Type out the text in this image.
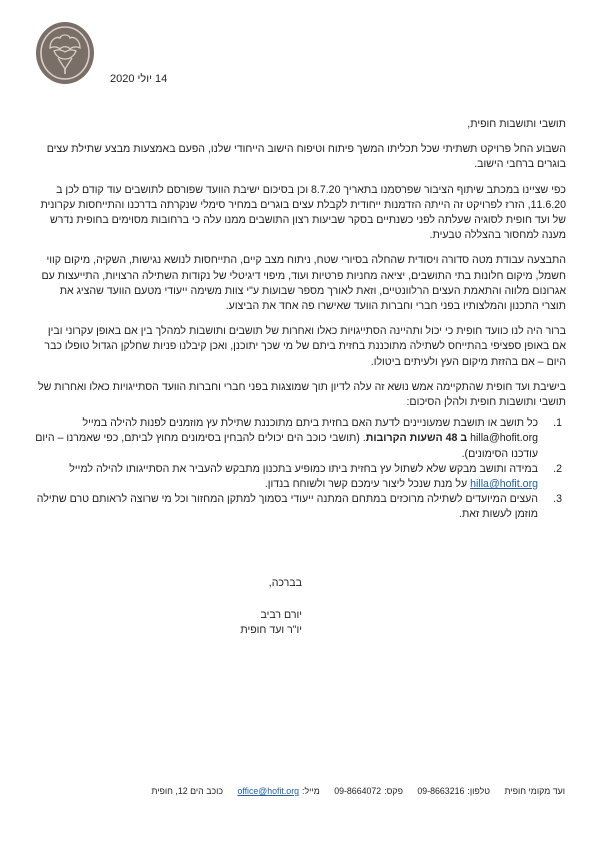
14 יולי 2020

תושבי ותושבות חופית,

השבוע החל פרויקט תשתיתי שכל תכליתו המשך פיתוח וטיפוח הישוב הייחודי שלנו, הפעם באמצעות מבצע שתילת עצים בוגרים ברחבי הישוב.

כפי שציינו במכתב שיתוף הציבור שפרסמנו בתאריך 8.7.20 וכן בסיכום ישיבת הוועד שפורסם לתושבים עוד קודם לכן ב 11.6.20, הזרז לפרויקט זה הייתה הזדמנות ייחודית לקבלת עצים בוגרים במחיר סימלי שנקרתה בדרכנו והתייחסות עקרונית של ועד חופית לסוגיה שעלתה לפני כשנתיים בסקר שביעות רצון התושבים ממנו עלה כי ברחובות מסוימים בחופית נדרש מענה למחסור בהצללה טבעית.

התבצעה עבודת מטה סדורה ויסודית שהחלה בסיורי שטח, ניתוח מצב קיים, התייחסות לנושא נגישות, השקיה, מיקום קווי חשמל, מיקום חלונות בתי התושבים, יציאה מחניות פרטיות ועוד, מיפוי דיגיטלי של נקודות השתילה הרצויות, התייעצות עם אגרונום מלווה והתאמת העצים הרלוונטיים, וזאת לאורך מספר שבועות ע"י צוות משימה ייעודי מטעם הוועד שהציג את תוצרי התכנון והמלצותיו בפני חברי וחברות הוועד שאישרו פה אחד את הביצוע.

ברור היה לנו כוועד חופית כי יכול ותהיינה הסתייגויות כאלו ואחרות של תושבים ותושבות למהלך בין אם באופן עקרוני ובין אם באופן ספציפי בהתייחס לשתילה מתוכננת בחזית ביתם של מי שכך יתוכנן, ואכן קיבלנו פניות שחלקן הגדול טופלו כבר היום – אם בהזזת מיקום העץ ולעיתים ביטולו.

בישיבת ועד חופית שהתקיימה אמש נושא זה עלה לדיון תוך שמוצגות בפני חברי וחברות הוועד הסתייגויות כאלו ואחרות של תושבי ותושבות חופית ולהלן הסיכום:

1.
כל תושב או תושבת שמעוניינים לדעת האם בחזית ביתם מתוכננת שתילת עץ מוזמנים לפנות להילה במייל hilla@hofit.org ב 48 השעות הקרובות. (תושבי כוכב הים יכולים להבחין בסימונים מחוץ לביתם, כפי שאמרנו – היום עודכנו הסימונים).
2.
במידה ותושב מבקש שלא לשתול עץ בחזית ביתו כמופיע בתכנון מתבקש להעביר את הסתייגותו להילה למייל hilla@hofit.org על מנת שנכל ליצור עימכם קשר ולשוחח בנדון.
3.
העצים המיועדים לשתילה מרוכזים במתחם המתנה ייעודי בסמוך למתקן המחזור וכל מי שרוצה לראותם טרם שתילה מוזמן לעשות זאת.
בברכה,
יורם רביב
יו"ר ועד חופית
ועד מקומי חופית טלפון:09-8663216 פקס:09-8664072 מייל:office@hofit.org כוכב הים 12, חופית
